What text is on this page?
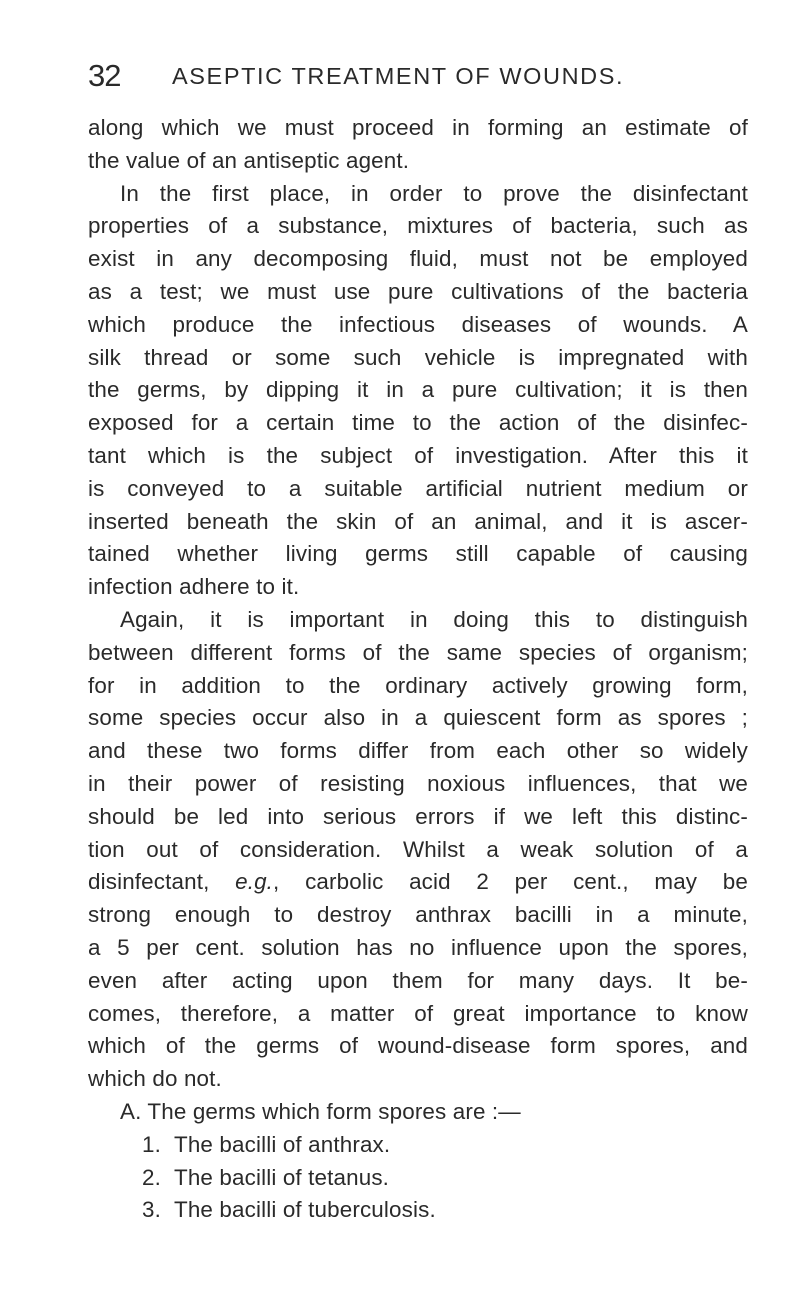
32 ASEPTIC TREATMENT OF WOUNDS.
along which we must proceed in forming an estimate of
the value of an antiseptic agent.
In the first place, in order to prove the disinfectant
properties of a substance, mixtures of bacteria, such as
exist in any decomposing fluid, must not be employed
as a test; we must use pure cultivations of the bacteria
which produce the infectious diseases of wounds. A
silk thread or some such vehicle is impregnated with
the germs, by dipping it in a pure cultivation; it is then
exposed for a certain time to the action of the disinfec-
tant which is the subject of investigation. After this it
is conveyed to a suitable artificial nutrient medium or
inserted beneath the skin of an animal, and it is ascer-
tained whether living germs still capable of causing
infection adhere to it.
Again, it is important in doing this to distinguish
between different forms of the same species of organism;
for in addition to the ordinary actively growing form,
some species occur also in a quiescent form as spores ;
and these two forms differ from each other so widely
in their power of resisting noxious influences, that we
should be led into serious errors if we left this distinc-
tion out of consideration. Whilst a weak solution of a
disinfectant, e.g., carbolic acid 2 per cent., may be
strong enough to destroy anthrax bacilli in a minute,
a 5 per cent. solution has no influence upon the spores,
even after acting upon them for many days. It be-
comes, therefore, a matter of great importance to know
which of the germs of wound-disease form spores, and
which do not.
A. The germs which form spores are :—
1. The bacilli of anthrax.
2. The bacilli of tetanus.
3. The bacilli of tuberculosis.
